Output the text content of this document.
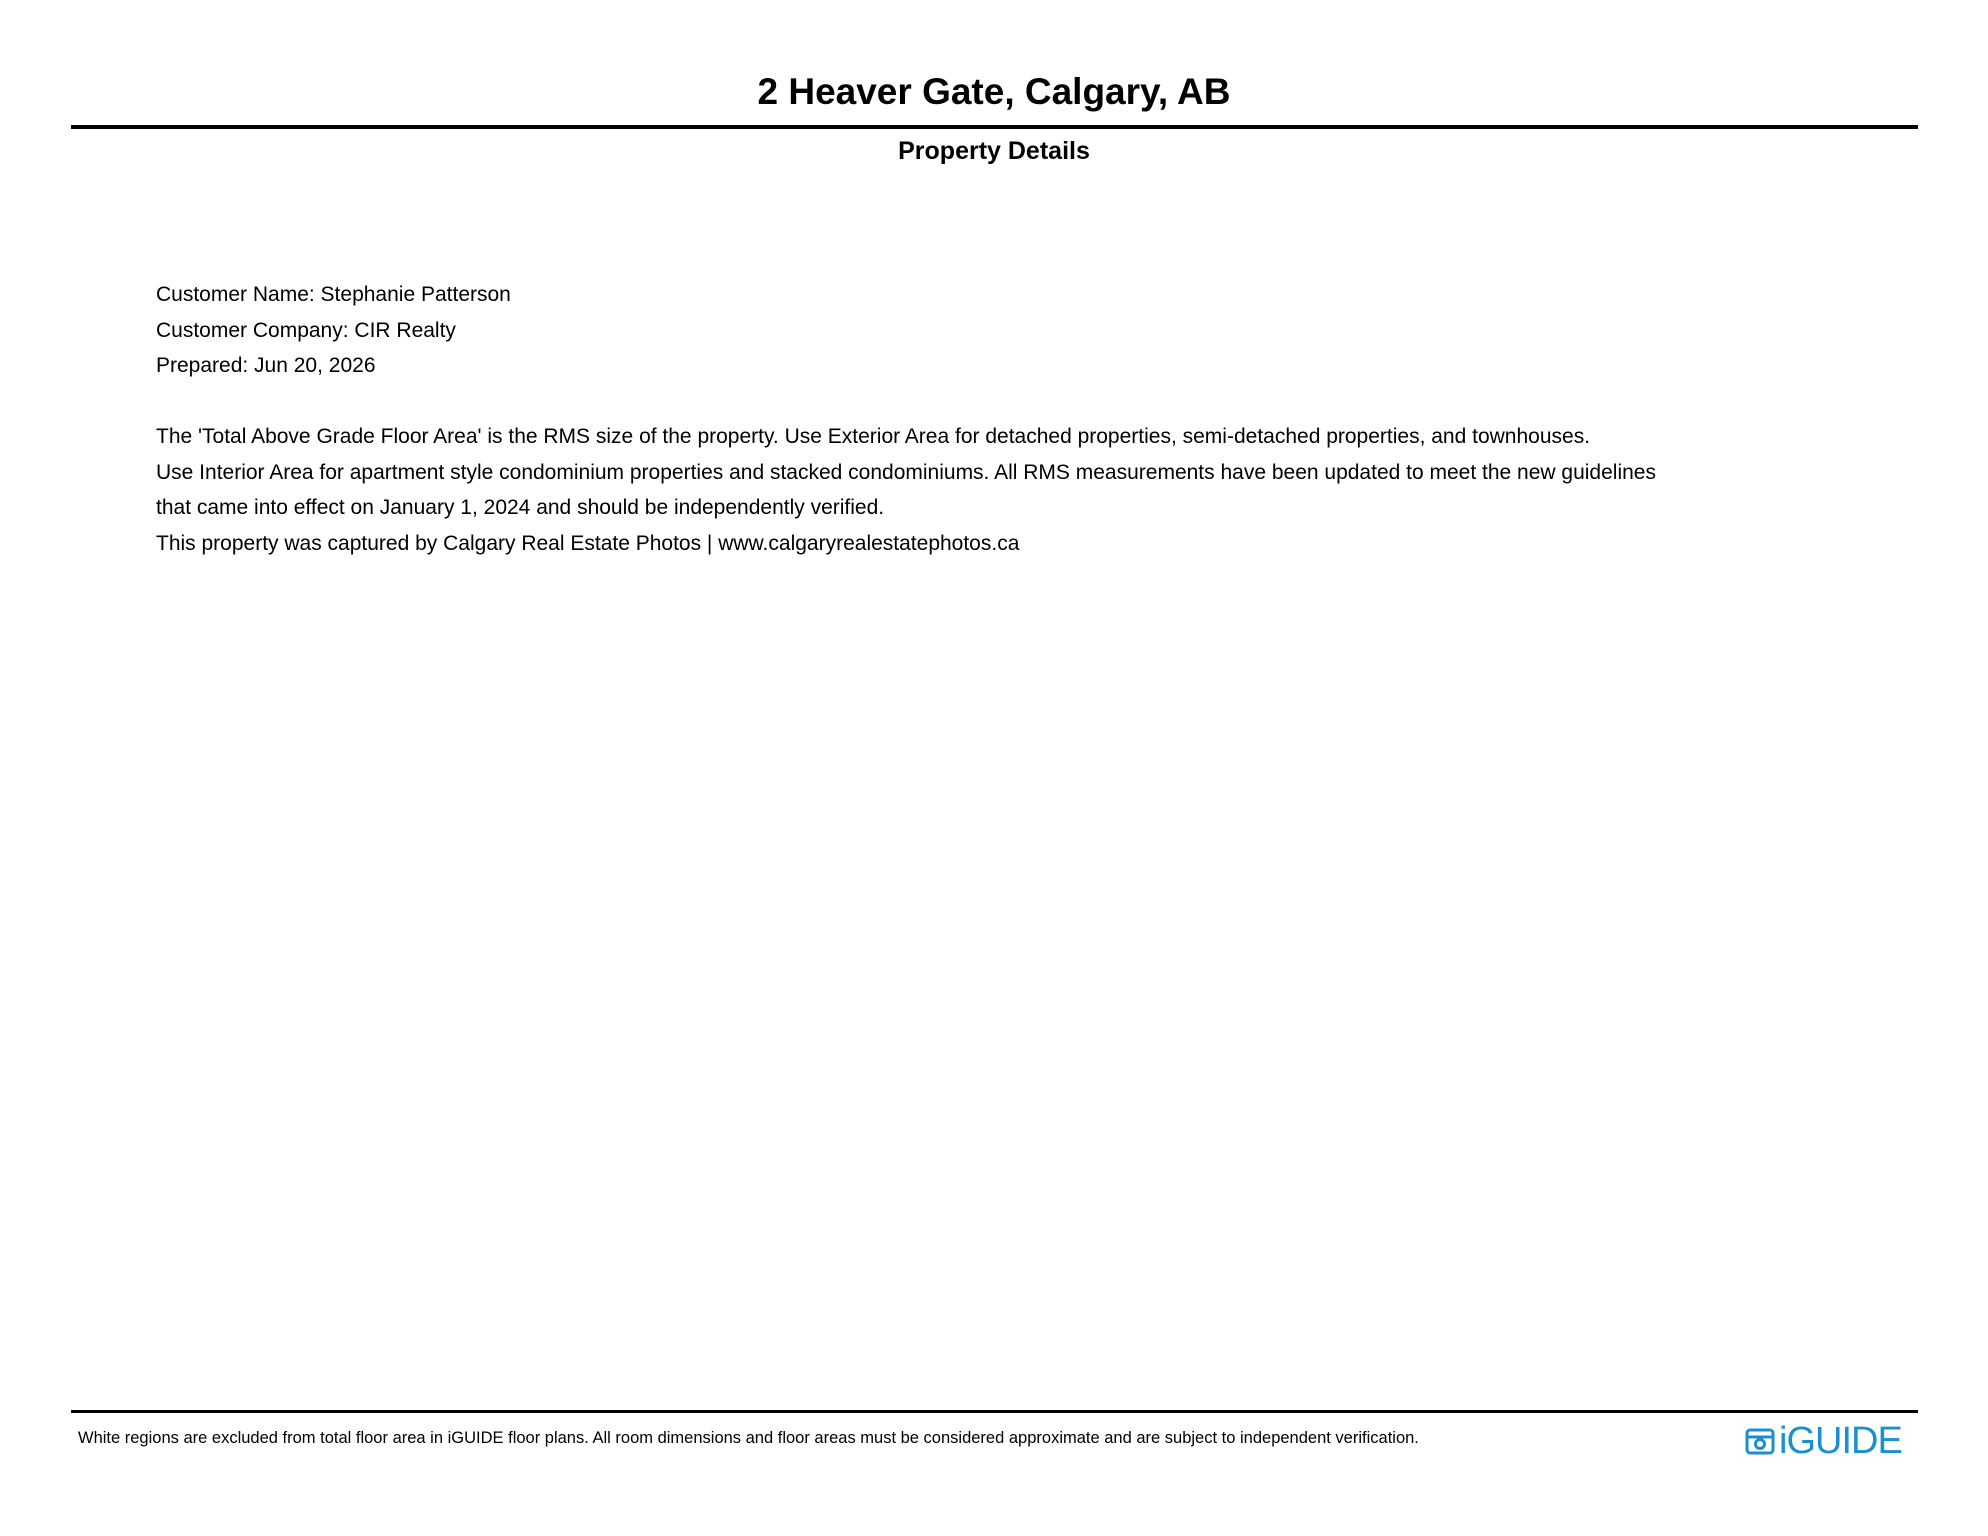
2 Heaver Gate, Calgary, AB
Property Details
Customer Name: Stephanie Patterson
Customer Company: CIR Realty
Prepared: Jun 20, 2026
The 'Total Above Grade Floor Area' is the RMS size of the property. Use Exterior Area for detached properties, semi-detached properties, and townhouses.
Use Interior Area for apartment style condominium properties and stacked condominiums. All RMS measurements have been updated to meet the new guidelines
that came into effect on January 1, 2024 and should be independently verified.
This property was captured by Calgary Real Estate Photos | www.calgaryrealestatephotos.ca
White regions are excluded from total floor area in iGUIDE floor plans. All room dimensions and floor areas must be considered approximate and are subject to independent verification.	iGUIDE
